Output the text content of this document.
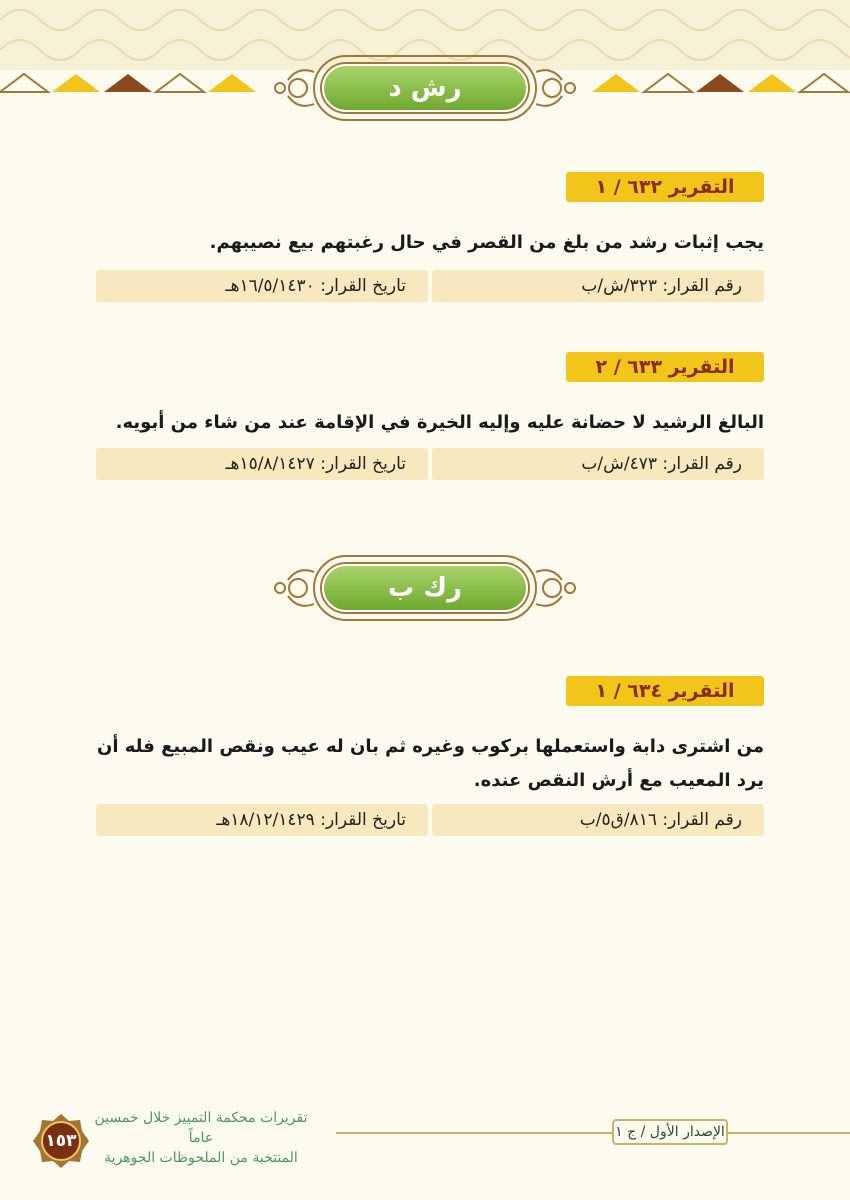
رش د
التقرير ٦٣٢ / ١
يجب إثبات رشد من بلغ من القصر في حال رغبتهم بيع نصيبهم.
رقم القرار: ٣٢٣/ش/ب
تاريخ القرار: ١٦/٥/١٤٣٠هـ
التقرير ٦٣٣ / ٢
البالغ الرشيد لا حضانة عليه وإليه الخيرة في الإقامة عند من شاء من أبويه.
رقم القرار: ٤٧٣/ش/ب
تاريخ القرار: ١٥/٨/١٤٢٧هـ
رك ب
التقرير ٦٣٤ / ١
من اشترى دابة واستعملها بركوب وغيره ثم بان له عيب ونقص المبيع فله أن
يرد المعيب مع أرش النقص عنده.
رقم القرار: ٨١٦/ق٥/ب
تاريخ القرار: ١٨/١٢/١٤٢٩هـ
الإصدار الأول / ج ١
تقريرات محكمة التمييز خلال خمسين عاماً
المنتخبة من الملحوظات الجوهرية
١٥٣
